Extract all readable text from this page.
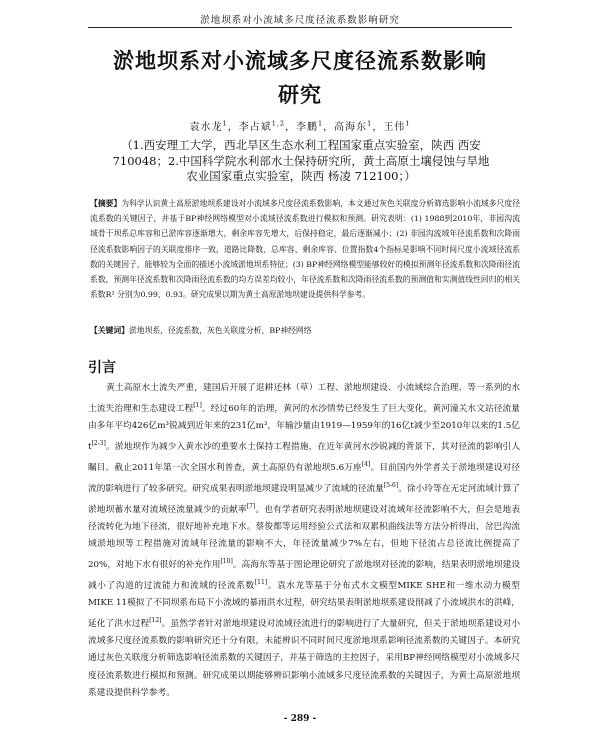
淤地坝系对小流域多尺度径流系数影响研究
淤地坝系对小流域多尺度径流系数影响
研究
袁水龙$^1$，李占斌$^{1,2}$，李鹏$^1$，高海东$^1$，王伟$^1$
（1.西安理工大学，西北旱区生态水利工程国家重点实验室，陕西 西安 710048；2.中国科学院水利部水土保持研究所，黄土高原土壤侵蚀与旱地农业国家重点实验室，陕西 杨凌 712100；）
【摘要】为科学认识黄土高原淤地坝系建设对小流域多尺度径流系数影响，本文通过灰色关联度分析筛选影响小流域多尺度径流系数的关键因子，并基于BP神经网络模型对小流域径流系数进行模拟和预测。研究表明：(1) 1988到2010年，非园沟流域骨干坝系总库容和已淤库容逐渐增大，剩余库容先增大，后保持稳定，最后逐渐减小；(2) 非园沟流域年径流系数和次降雨径流系数影响因子的关联度排序一致，道路比降数、总库容、剩余库容、位置指数4个指标是影响不同时间尺度小流域径流系数的关键因子，能够较为全面的描述小流域淤地坝系特征；(3) BP神经网络模型能够较好的模拟预测年径流系数和次降雨径流系数，预测年径流系数和次降雨径流系数的均方误差均较小，年径流系数和次降雨径流系数的预测值和实测值线性回归的相关系数R² 分别为0.99、0.93。研究成果以期为黄土高原淤地坝建设提供科学参考。
【关键词】淤地坝系，径流系数，灰色关联度分析，BP神经网络
引言
黄土高原水土流失严重，建国后开展了退耕还林（草）工程、淤地坝建设、小流域综合治理、等一系列的水土流失治理和生态建设工程[1]。经过60年的治理，黄河的水沙情势已经发生了巨大变化，黄河潼关水文站径流量由多年平均426亿m³锐减到近年来的231亿m³，年输沙量由1919—1959年的16亿t减少至2010年以来的1.5亿t[2-3]。淤地坝作为减少入黄水沙的重要水土保持工程措施，在近年黄河水沙锐减的背景下，其对径流的影响引人瞩目。截止2011年第一次全国水利普查，黄土高原仍有淤地坝5.6万座[4]。目前国内外学者关于淤地坝建设对径流的影响进行了较多研究。研究成果表明淤地坝建设明显减少了流域的径流量[5-6]。徐小玲等在无定河流域计算了淤地坝蓄水量对流域径流量减少的贡献率[7]。也有学者研究表明淤地坝建设对流域年径流影响不大，但会是地表径流转化为地下径流，很好地补充地下水。蔡俊都等运用经验公式法和双累积曲线法等方法分析得出，岔巴沟流域淤地坝等工程措施对流域年径流量的影响不大，年径流量减少7%左右，但地下径流占总径流比例提高了20%，对地下水有很好的补充作用[10]。高海东等基于图论理论研究了淤地坝对径流的影响，结果表明淤地坝建设减小了沟道的过流能力和流域的径流系数[11]。袁水龙等基于分布式水文模型MIKE SHE和一维水动力模型MIKE 11模拟了不同坝系布局下小流域的暴雨洪水过程，研究结果表明淤地坝系建设削减了小流域洪水的洪峰，延化了洪水过程[12]。虽然学者针对淤地坝建设对流域径流进行的影响进行了大量研究，但关于淤地坝系建设对小流域多尺度径流系数的影响研究还十分有限，未能辨识不同时间尺度淤地坝系影响径流系数的关键因子。本研究通过灰色关联度分析筛选影响径流系数的关键因子，并基于筛选的主控因子，采用BP神经网络模型对小流域多尺度径流系数进行模拟和预测。研究成果以期能够辨识影响小流域多尺度径流系数的关键因子，为黄土高原淤地坝系建设提供科学参考。
- 289 -
